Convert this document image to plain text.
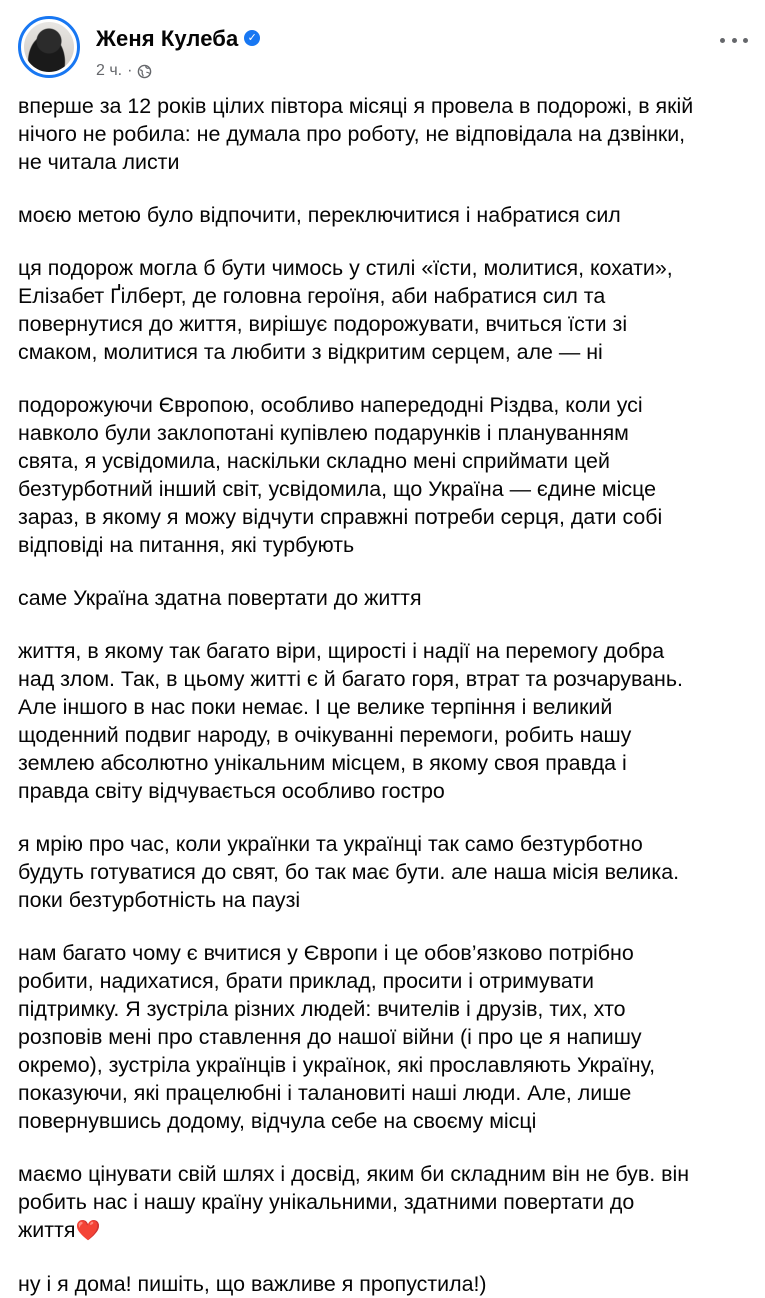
Женя Кулеба ✓
2 ч. ·

вперше за 12 років цілих півтора місяці я провела в подорожі, в якій
нічого не робила: не думала про роботу, не відповідала на дзвінки,
не читала листи

моєю метою було відпочити, переключитися і набратися сил

ця подорож могла б бути чимось у стилі «їсти, молитися, кохати»,
Елізабет Ґілберт, де головна героїня, аби набратися сил та
повернутися до життя, вирішує подорожувати, вчиться їсти зі
смаком, молитися та любити з відкритим серцем, але — ні

подорожуючи Європою, особливо напередодні Різдва, коли усі
навколо були заклопотані купівлею подарунків і плануванням
свята, я усвідомила, наскільки складно мені сприймати цей
безтурботний інший світ, усвідомила, що Україна — єдине місце
зараз, в якому я можу відчути справжні потреби серця, дати собі
відповіді на питання, які турбують

саме Україна здатна повертати до життя

життя, в якому так багато віри, щирості і надії на перемогу добра
над злом. Так, в цьому житті є й багато горя, втрат та розчарувань.
Але іншого в нас поки немає. І це велике терпіння і великий
щоденний подвиг народу, в очікуванні перемоги, робить нашу
землею абсолютно унікальним місцем, в якому своя правда і
правда світу відчувається особливо гостро

я мрію про час, коли українки та українці так само безтурботно
будуть готуватися до свят, бо так має бути. але наша місія велика.
поки безтурботність на паузі

нам багато чому є вчитися у Європи і це обов’язково потрібно
робити, надихатися, брати приклад, просити і отримувати
підтримку. Я зустріла різних людей: вчителів і друзів, тих, хто
розповів мені про ставлення до нашої війни (і про це я напишу
окремо), зустріла українців і українок, які прославляють Україну,
показуючи, які працелюбні і талановиті наші люди. Але, лише
повернувшись додому, відчула себе на своєму місці

маємо цінувати свій шлях і досвід, яким би складним він не був. він
робить нас і нашу країну унікальними, здатними повертати до
життя❤️

ну і я дома! пишіть, що важливе я пропустила!)
